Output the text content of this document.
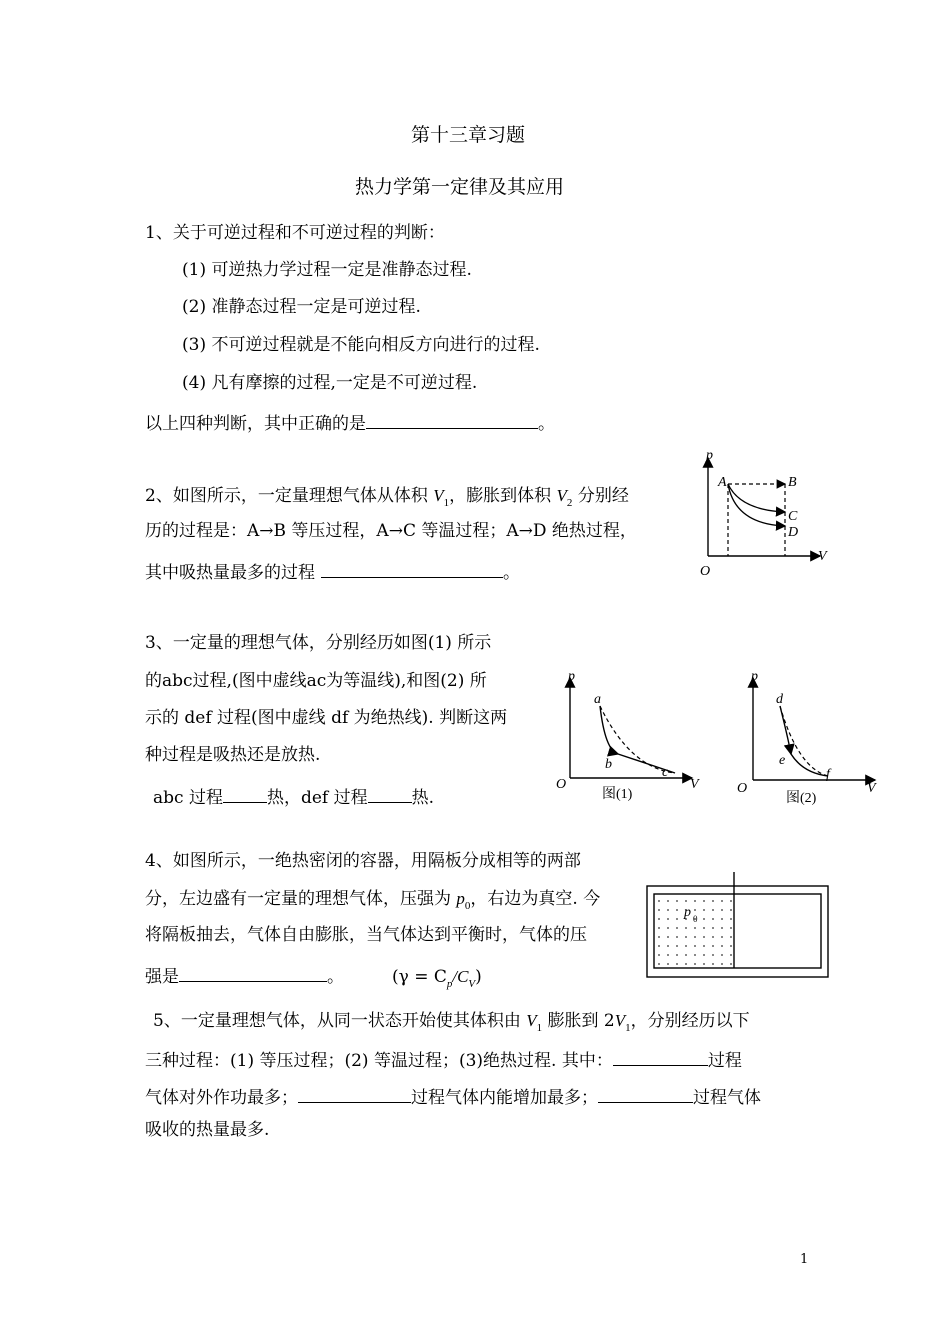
第十三章习题
热力学第一定律及其应用
1、关于可逆过程和不可逆过程的判断：
(1) 可逆热力学过程一定是准静态过程.
(2) 准静态过程一定是可逆过程.
(3) 不可逆过程就是不能向相反方向进行的过程.
(4) 凡有摩擦的过程,一定是不可逆过程.
以上四种判断，其中正确的是	。
2、如图所示，一定量理想气体从体积 $V_1$，膨胀到体积 $V_2$ 分别经
历的过程是：A→B 等压过程，A→C 等温过程；A→D 绝热过程，
其中吸热量最多的过程	。
p
A	B
C
D
V
O
3、一定量的理想气体，分别经历如图(1) 所示
的abc过程,(图中虚线ac为等温线),和图(2) 所
示的 def 过程(图中虚线 df 为绝热线). 判断这两
种过程是吸热还是放热.
abc 过程	热，def 过程	热.
p
a
b
c
V
O
图(1)
p
d
e
f
V
O
图(2)
4、如图所示，一绝热密闭的容器，用隔板分成相等的两部
分，左边盛有一定量的理想气体，压强为 $p_0$，右边为真空. 今
将隔板抽去，气体自由膨胀，当气体达到平衡时，气体的压
强是	。	$(\gamma = C_p/C_V)$
p 0
5、一定量理想气体，从同一状态开始使其体积由 $V_1$ 膨胀到 $2V_1$，分别经历以下
三种过程：(1) 等压过程；(2) 等温过程；(3)绝热过程. 其中：	过程
气体对外作功最多；	过程气体内能增加最多；	过程气体
吸收的热量最多.
1
